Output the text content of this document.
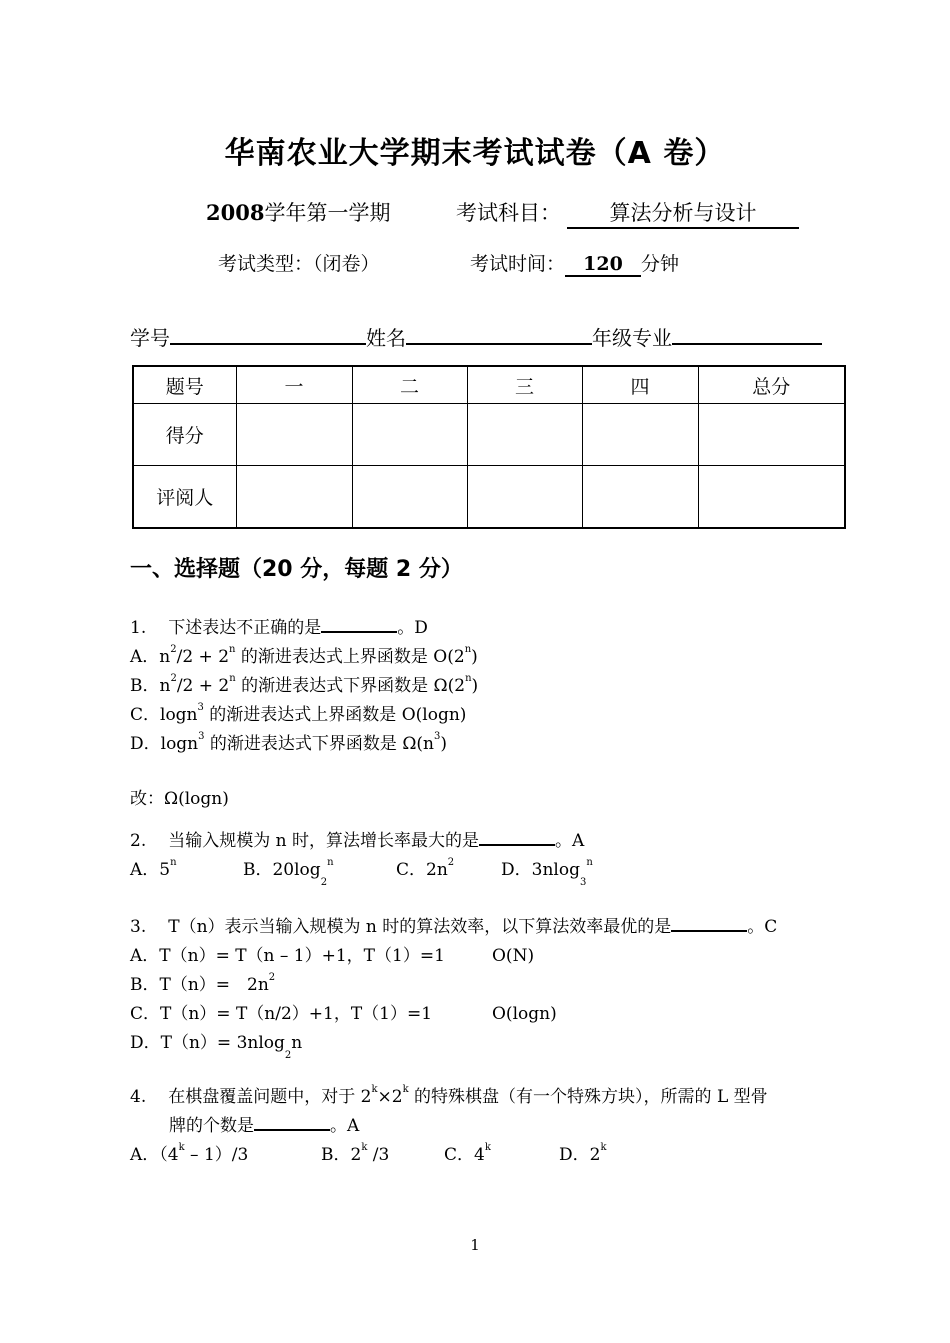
华南农业大学期末考试试卷（A 卷）
2008学年第一学期	考试科目： 算法分析与设计
考试类型：（闭卷）	考试时间： 120 分钟
学号	姓名	年级专业
题号	一	二	三	四	总分
得分					
评阅人					
一、选择题（20 分，每题 2 分）
1. 下述表达不正确的是	。D
A．$n^2/2 + 2^n$ 的渐进表达式上界函数是 O(2$^n$)
B．$n^2/2 + 2^n$ 的渐进表达式下界函数是 Ω(2$^n$)
C．logn$^3$ 的渐进表达式上界函数是 O(logn)
D．logn$^3$ 的渐进表达式下界函数是 $\Omega(n^3)$
改：Ω(logn)
2. 当输入规模为 n 时，算法增长率最大的是	。A
A．5$^n$	B．$20\log_2^n$	C．$2n^2$	D．3nlog$_3^n$
3. T（n）表示当输入规模为 n 时的算法效率，以下算法效率最优的是	。C
A．T（n）= T（n – 1）+1，T（1）=1	O(N)
B．T（n）=　$2n^2$
C．T（n）= T（n/2）+1，T（1）=1	O(logn)
D．T（n）= 3nlog$_2$n
4. 在棋盘覆盖问题中，对于 $2^k\times 2^k$ 的特殊棋盘（有一个特殊方块），所需的 L 型骨
牌的个数是	。A
A．（4$^k$ – 1）/3	B．2$^k$ /3	C．4$^k$	D．2$^k$
1
